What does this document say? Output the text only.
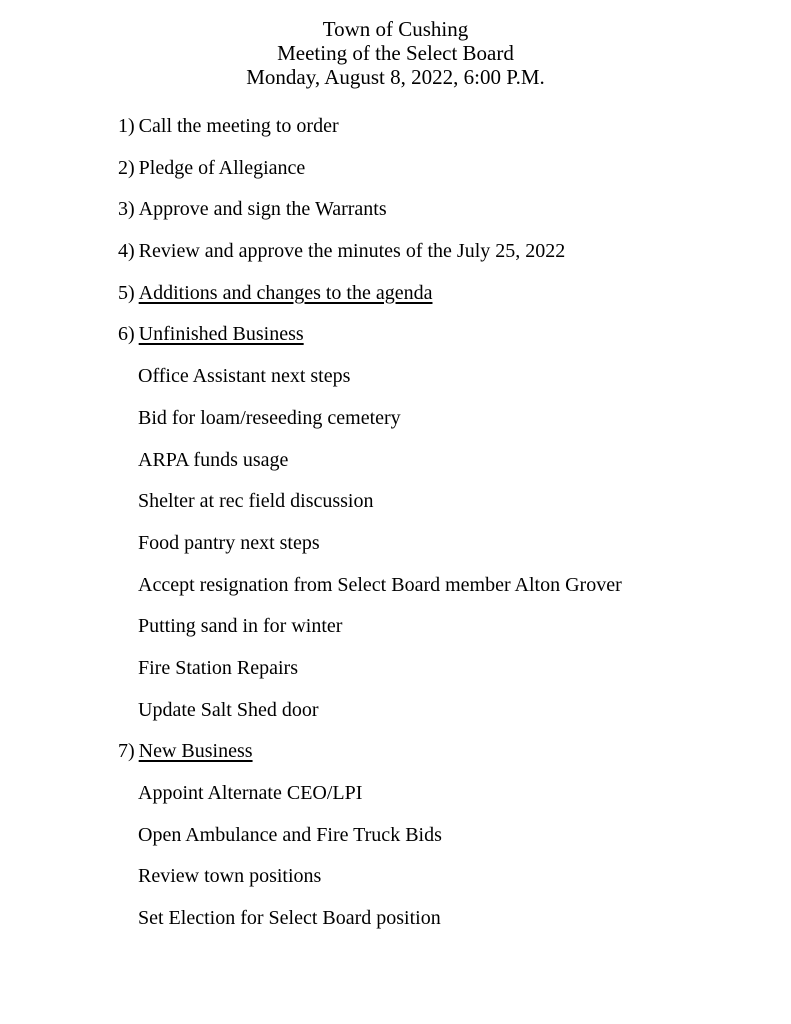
Town of Cushing
Meeting of the Select Board
Monday, August 8, 2022, 6:00 P.M.
1) Call the meeting to order
2) Pledge of Allegiance
3) Approve and sign the Warrants
4) Review and approve the minutes of the July 25, 2022
5) Additions and changes to the agenda
6) Unfinished Business
Office Assistant next steps
Bid for loam/reseeding cemetery
ARPA funds usage
Shelter at rec field discussion
Food pantry next steps
Accept resignation from Select Board member Alton Grover
Putting sand in for winter
Fire Station Repairs
Update Salt Shed door
7) New Business
Appoint Alternate CEO/LPI
Open Ambulance and Fire Truck Bids
Review town positions
Set Election for Select Board position
